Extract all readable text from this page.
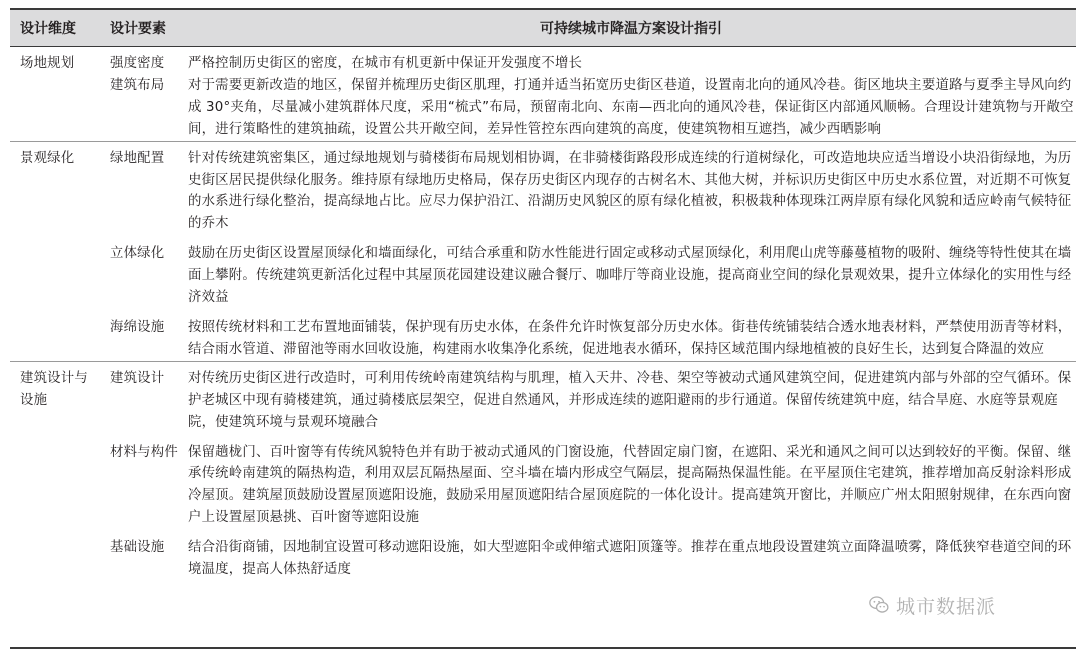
设计维度	设计要素	可持续城市降温方案设计指引
场地规划	强度密度	严格控制历史街区的密度，在城市有机更新中保证开发强度不增长
	建筑布局	对于需要更新改造的地区，保留并梳理历史街区肌理，打通并适当拓宽历史街区巷道，设置南北向的通风冷巷。街区地块主要道路与夏季主导风向约成 30°夹角，尽量减小建筑群体尺度，采用“梳式”布局，预留南北向、东南—西北向的通风冷巷，保证街区内部通风顺畅。合理设计建筑物与开敞空间，进行策略性的建筑抽疏，设置公共开敞空间，差异性管控东西向建筑的高度，使建筑物相互遮挡，减少西晒影响
景观绿化	绿地配置	针对传统建筑密集区，通过绿地规划与骑楼街布局规划相协调，在非骑楼街路段形成连续的行道树绿化，可改造地块应适当增设小块沿街绿地，为历史街区居民提供绿化服务。维持原有绿地历史格局，保存历史街区内现存的古树名木、其他大树，并标识历史街区中历史水系位置，对近期不可恢复的水系进行绿化整治，提高绿地占比。应尽力保护沿江、沿湖历史风貌区的原有绿化植被，积极栽种体现珠江两岸原有绿化风貌和适应岭南气候特征的乔木
	立体绿化	鼓励在历史街区设置屋顶绿化和墙面绿化，可结合承重和防水性能进行固定或移动式屋顶绿化，利用爬山虎等藤蔓植物的吸附、缠绕等特性使其在墙面上攀附。传统建筑更新活化过程中其屋顶花园建设建议融合餐厅、咖啡厅等商业设施，提高商业空间的绿化景观效果，提升立体绿化的实用性与经济效益
	海绵设施	按照传统材料和工艺布置地面铺装，保护现有历史水体，在条件允许时恢复部分历史水体。街巷传统铺装结合透水地表材料，严禁使用沥青等材料，结合雨水管道、滞留池等雨水回收设施，构建雨水收集净化系统，促进地表水循环，保持区域范围内绿地植被的良好生长，达到复合降温的效应
建筑设计与设施	建筑设计	对传统历史街区进行改造时，可利用传统岭南建筑结构与肌理，植入天井、冷巷、架空等被动式通风建筑空间，促进建筑内部与外部的空气循环。保护老城区中现有骑楼建筑，通过骑楼底层架空，促进自然通风，并形成连续的遮阳避雨的步行通道。保留传统建筑中庭，结合旱庭、水庭等景观庭院，使建筑环境与景观环境融合
	材料与构件	保留趟栊门、百叶窗等有传统风貌特色并有助于被动式通风的门窗设施，代替固定扇门窗，在遮阳、采光和通风之间可以达到较好的平衡。保留、继承传统岭南建筑的隔热构造，利用双层瓦隔热屋面、空斗墙在墙内形成空气隔层，提高隔热保温性能。在平屋顶住宅建筑，推荐增加高反射涂料形成冷屋顶。建筑屋顶鼓励设置屋顶遮阳设施，鼓励采用屋顶遮阳结合屋顶庭院的一体化设计。提高建筑开窗比，并顺应广州太阳照射规律，在东西向窗户上设置屋顶悬挑、百叶窗等遮阳设施
	基础设施	结合沿街商铺，因地制宜设置可移动遮阳设施，如大型遮阳伞或伸缩式遮阳顶篷等。推荐在重点地段设置建筑立面降温喷雾，降低狭窄巷道空间的环境温度，提高人体热舒适度
城市数据派
